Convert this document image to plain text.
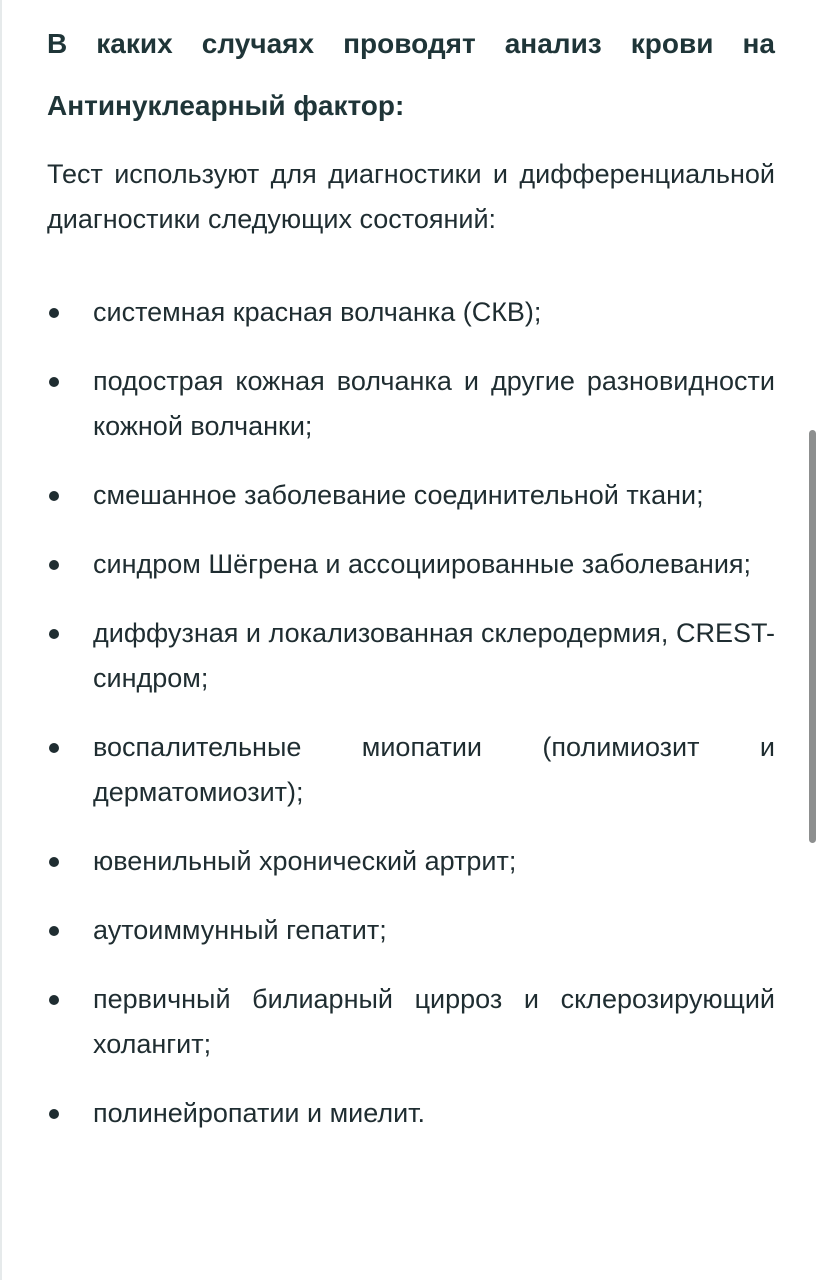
В каких случаях проводят анализ крови на
Антинуклеарный фактор:

Тест используют для диагностики и дифференциальной диагностики следующих состояний:

системная красная волчанка (СКВ);
подострая кожная волчанка и другие разновидности кожной волчанки;
смешанное заболевание соединительной ткани;
синдром Шёгрена и ассоциированные заболевания;
диффузная и локализованная склеродермия, CREST-синдром;
воспалительные миопатии (полимиозит и дерматомиозит);
ювенильный хронический артрит;
аутоиммунный гепатит;
первичный билиарный цирроз и склерозирующий холангит;
полинейропатии и миелит.
